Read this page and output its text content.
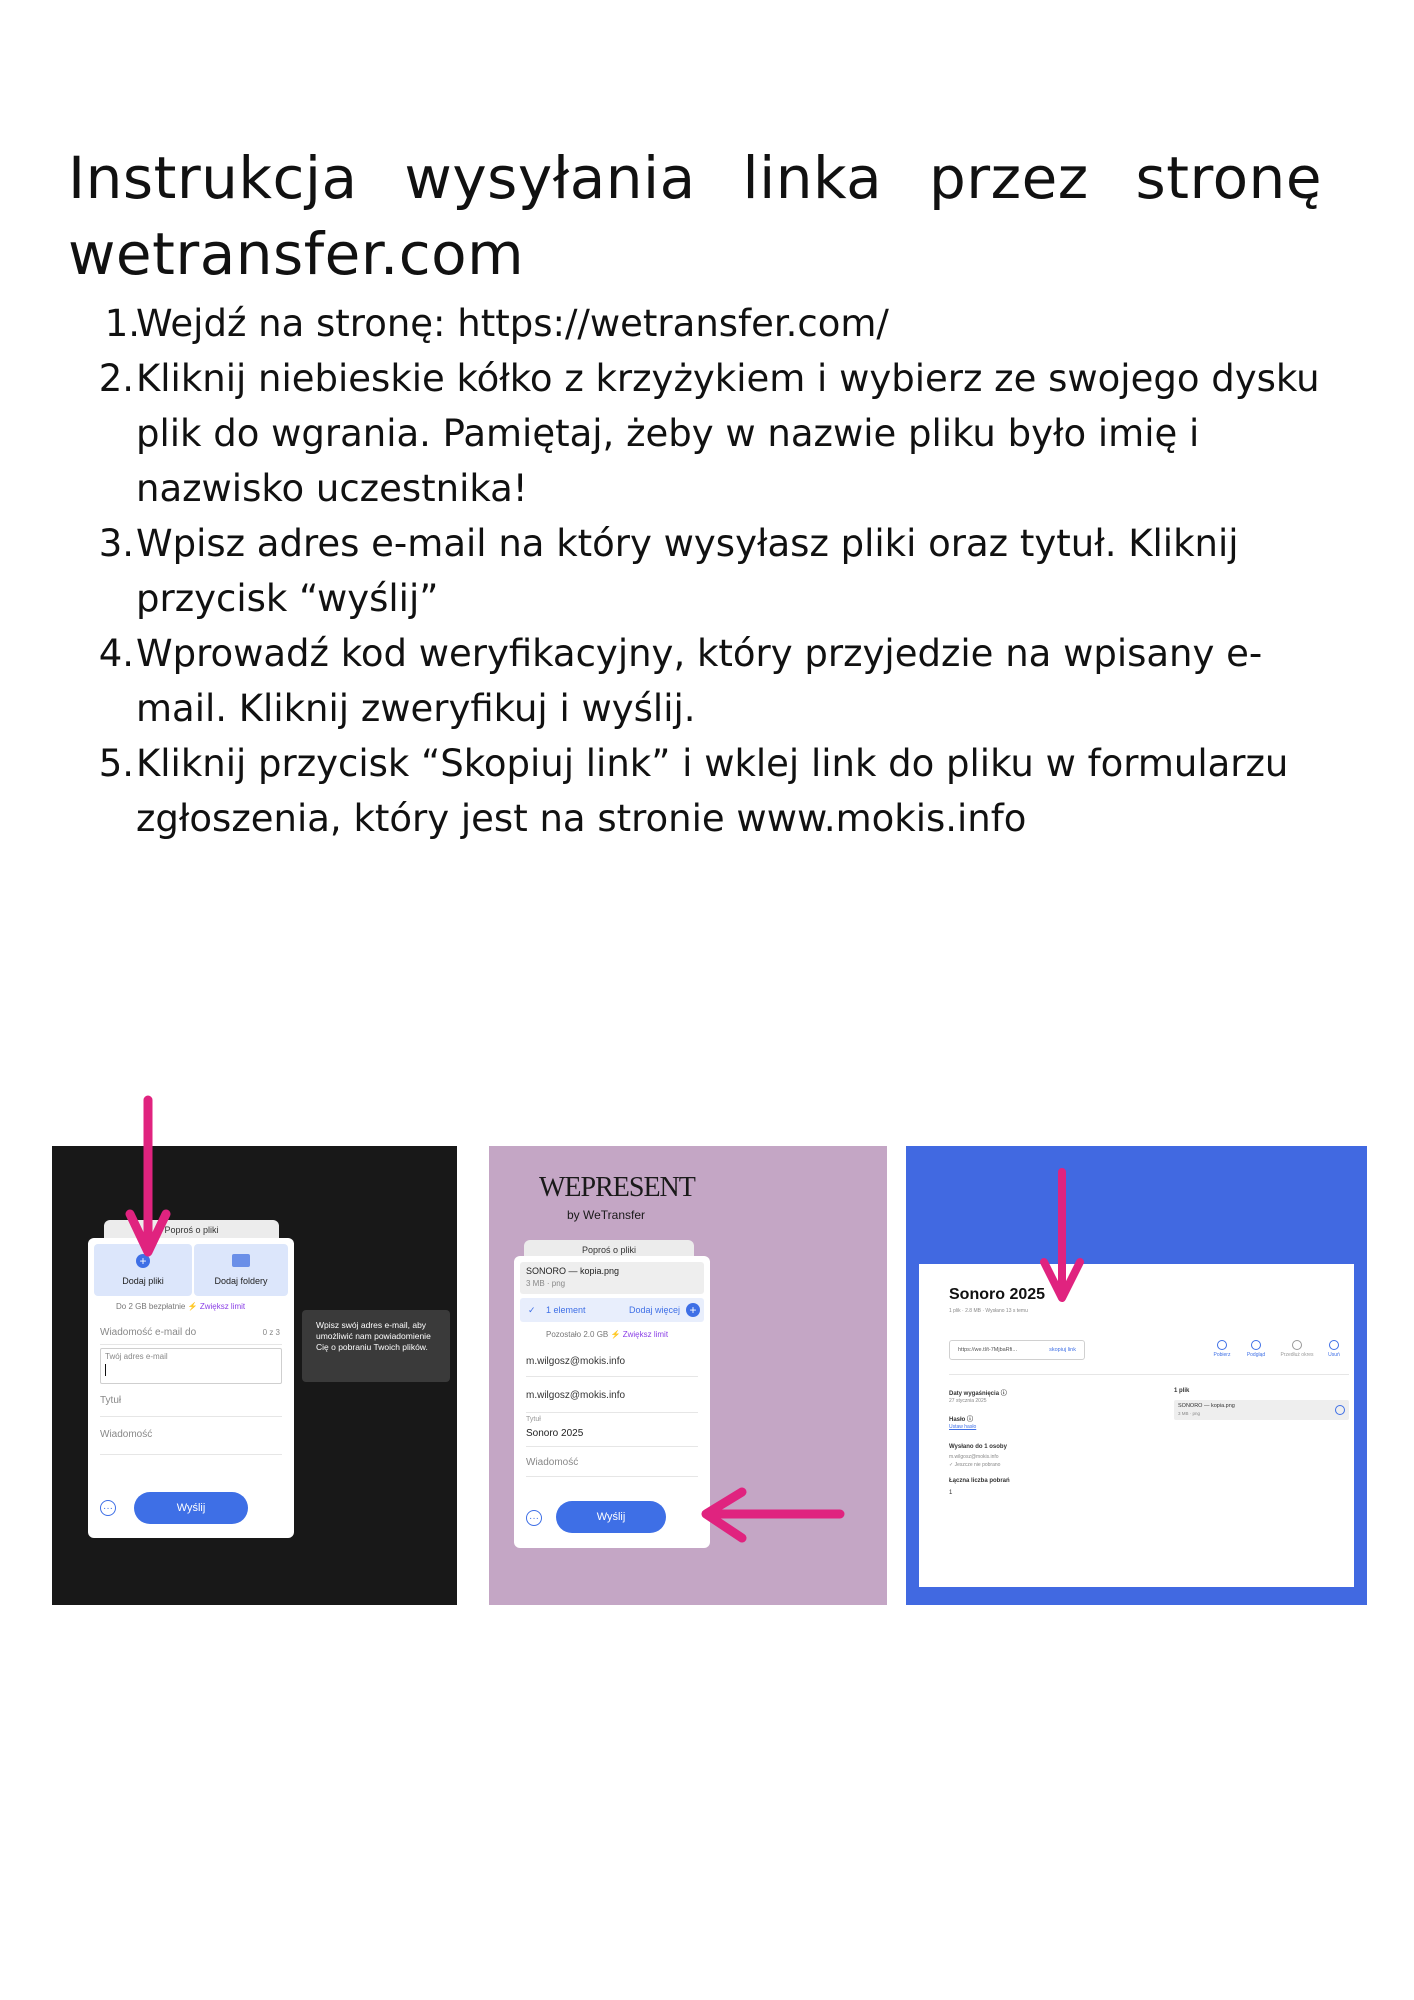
Instrukcja wysyłania linka przez stronę wetransfer.com
1.
Wejdź na stronę: https://wetransfer.com/
2. Kliknij niebieskie kółko z krzyżykiem i wybierz ze swojego dysku plik do wgrania. Pamiętaj, żeby w nazwie pliku było imię i nazwisko uczestnika!
3. Wpisz adres e-mail na który wysyłasz pliki oraz tytuł. Kliknij przycisk “wyślij”
4. Wprowadź kod weryfikacyjny, który przyjedzie na wpisany e-mail. Kliknij zweryfikuj i wyślij.
5. Kliknij przycisk “Skopiuj link” i wklej link do pliku w formularzu zgłoszenia, który jest na stronie www.mokis.info
Poproś o pliki
+
Dodaj pliki	Dodaj foldery
Do 2 GB bezpłatnie ⚡ Zwiększ limit
Wiadomość e-mail do	0 z 3
Twój adres e-mail
Tytuł
Wiadomość
···	Wyślij
Wpisz swój adres e-mail, aby umożliwić nam powiadomienie Cię o pobraniu Twoich plików.
WEPRESENT
by WeTransfer
Poproś o pliki
SONORO — kopia.png
3 MB · png
✓ 1 element	Dodaj więcej +
Pozostało 2.0 GB ⚡ Zwiększ limit
m.wilgosz@mokis.info
m.wilgosz@mokis.info
Tytuł
Sonoro 2025
Wiadomość
···	Wyślij
Sonoro 2025
1 plik · 2.8 MB · Wysłano 13 s temu
https://we.tl/t-7MjbaRfi...	skopiuj link
Pobierz	Podgląd	Przedłuż okres	Usuń
Daty wygaśnięcia ⓘ
27 stycznia 2025
Hasło ⓘ
Ustaw hasło
Wysłano do 1 osoby
m.wilgosz@mokis.info
✓ Jeszcze nie pobrano
Łączna liczba pobrań
1
1 plik
SONORO — kopia.png
3 MB · png
